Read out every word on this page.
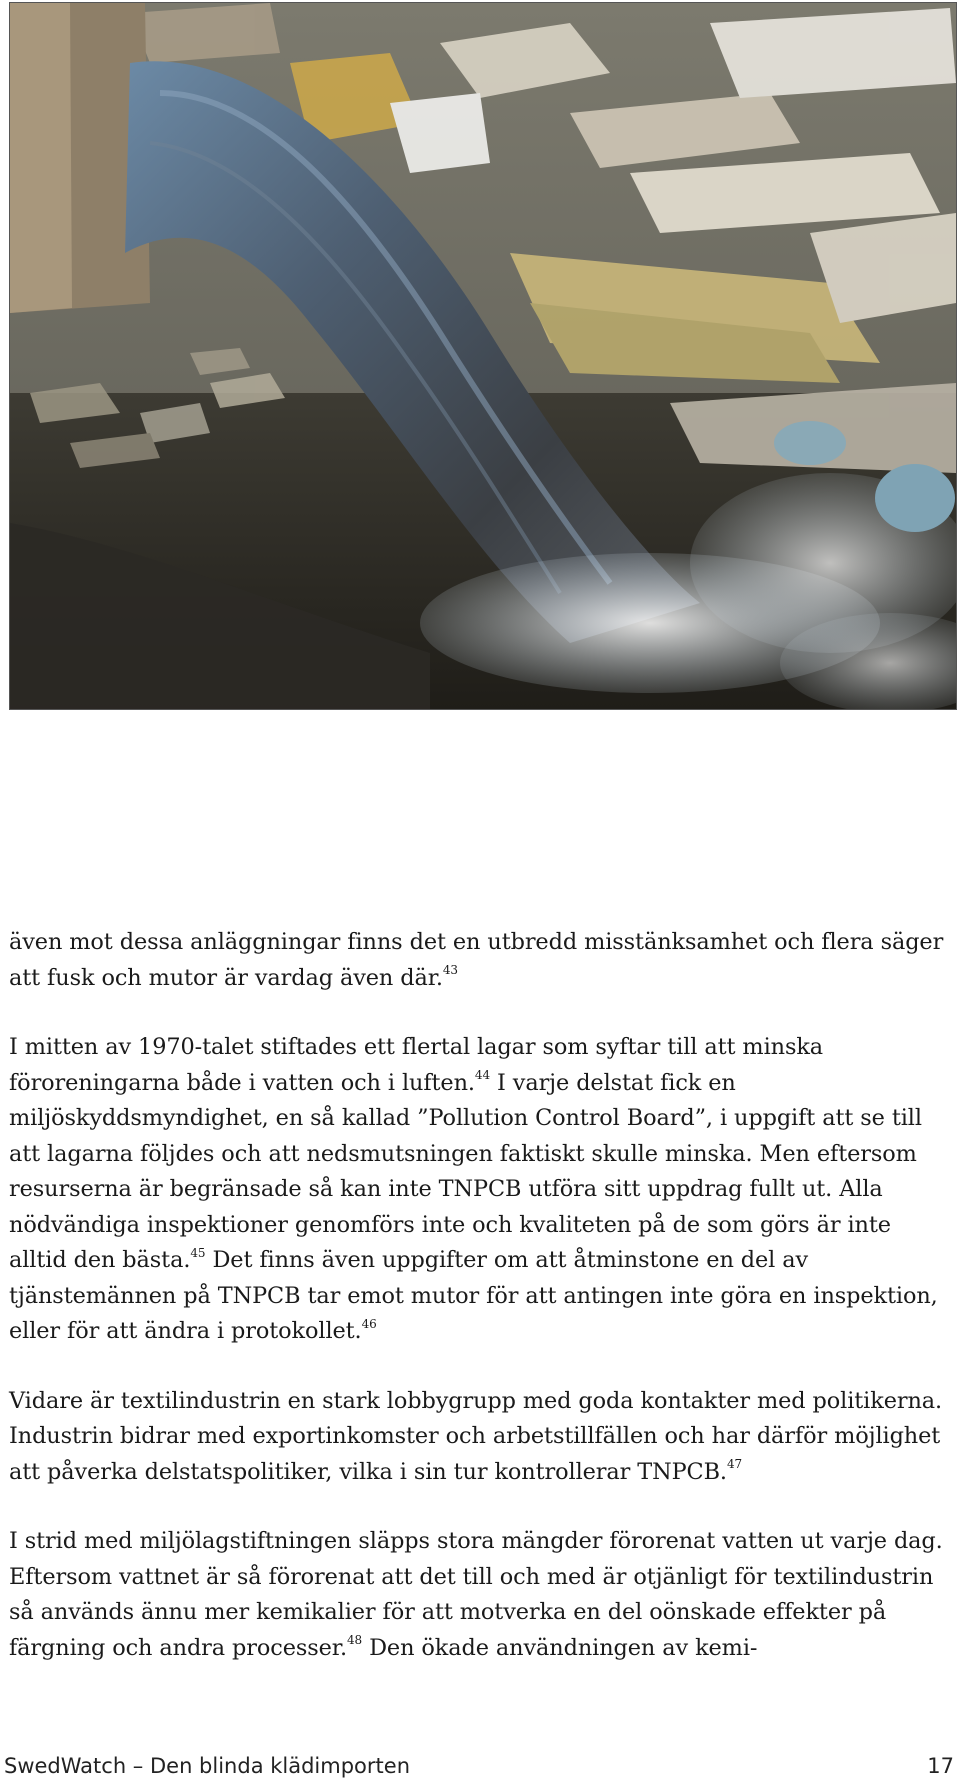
även mot dessa anläggningar finns det en utbredd misstänksamhet och flera säger att fusk och mutor är vardag även där.$^{43}$

I mitten av 1970-talet stiftades ett flertal lagar som syftar till att minska föroreningarna både i vatten och i luften.$^{44}$ I varje delstat fick en miljöskyddsmyndighet, en så kallad ”Pollution Control Board”, i uppgift att se till att lagarna följdes och att nedsmutsningen faktiskt skulle minska. Men eftersom resurserna är begränsade så kan inte TNPCB utföra sitt uppdrag fullt ut. Alla nödvändiga inspektioner genomförs inte och kvaliteten på de som görs är inte alltid den bästa.$^{45}$ Det finns även uppgifter om att åtminstone en del av tjänstemännen på TNPCB tar emot mutor för att antingen inte göra en inspektion, eller för att ändra i protokollet.$^{46}$

Vidare är textilindustrin en stark lobbygrupp med goda kontakter med politikerna. Industrin bidrar med exportinkomster och arbetstillfällen och har därför möjlighet att påverka delstatspolitiker, vilka i sin tur kontrollerar TNPCB.$^{47}$

I strid med miljölagstiftningen släpps stora mängder förorenat vatten ut varje dag. Eftersom vattnet är så förorenat att det till och med är otjänligt för textilindustrin så används ännu mer kemikalier för att motverka en del oönskade effekter på färgning och andra processer.$^{48}$ Den ökade användningen av kemi-

SwedWatch – Den blinda klädimporten	17
